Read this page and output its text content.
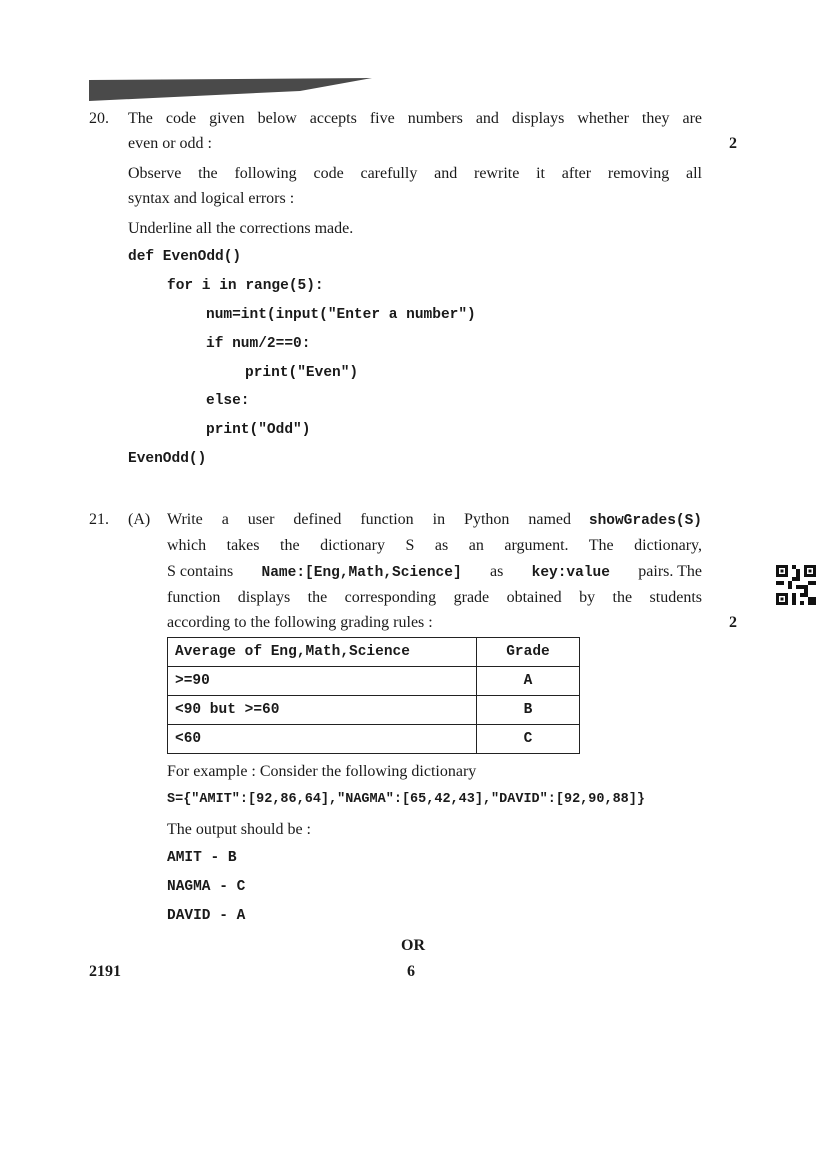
20. The code given below accepts five numbers and displays whether they are
even or odd :	2
Observe the following code carefully and rewrite it after removing all
syntax and logical errors :
Underline all the corrections made.
def EvenOdd()
for i in range(5):
num=int(input("Enter a number")
if num/2==0:
print("Even")
else:
print("Odd")
EvenOdd()
21. (A) Write a user defined function in Python named showGrades(S)
which takes the dictionary S as an argument. The dictionary,
S contains Name:[Eng,Math,Science] as key:value pairs. The
function displays the corresponding grade obtained by the students
according to the following grading rules :	2
Average of Eng,Math,Science	Grade
>=90	A
<90 but >=60	B
<60	C
For example : Consider the following dictionary
S={"AMIT":[92,86,64],"NAGMA":[65,42,43],"DAVID":[92,90,88]}
The output should be :
AMIT - B
NAGMA - C
DAVID - A
OR
2191	6
